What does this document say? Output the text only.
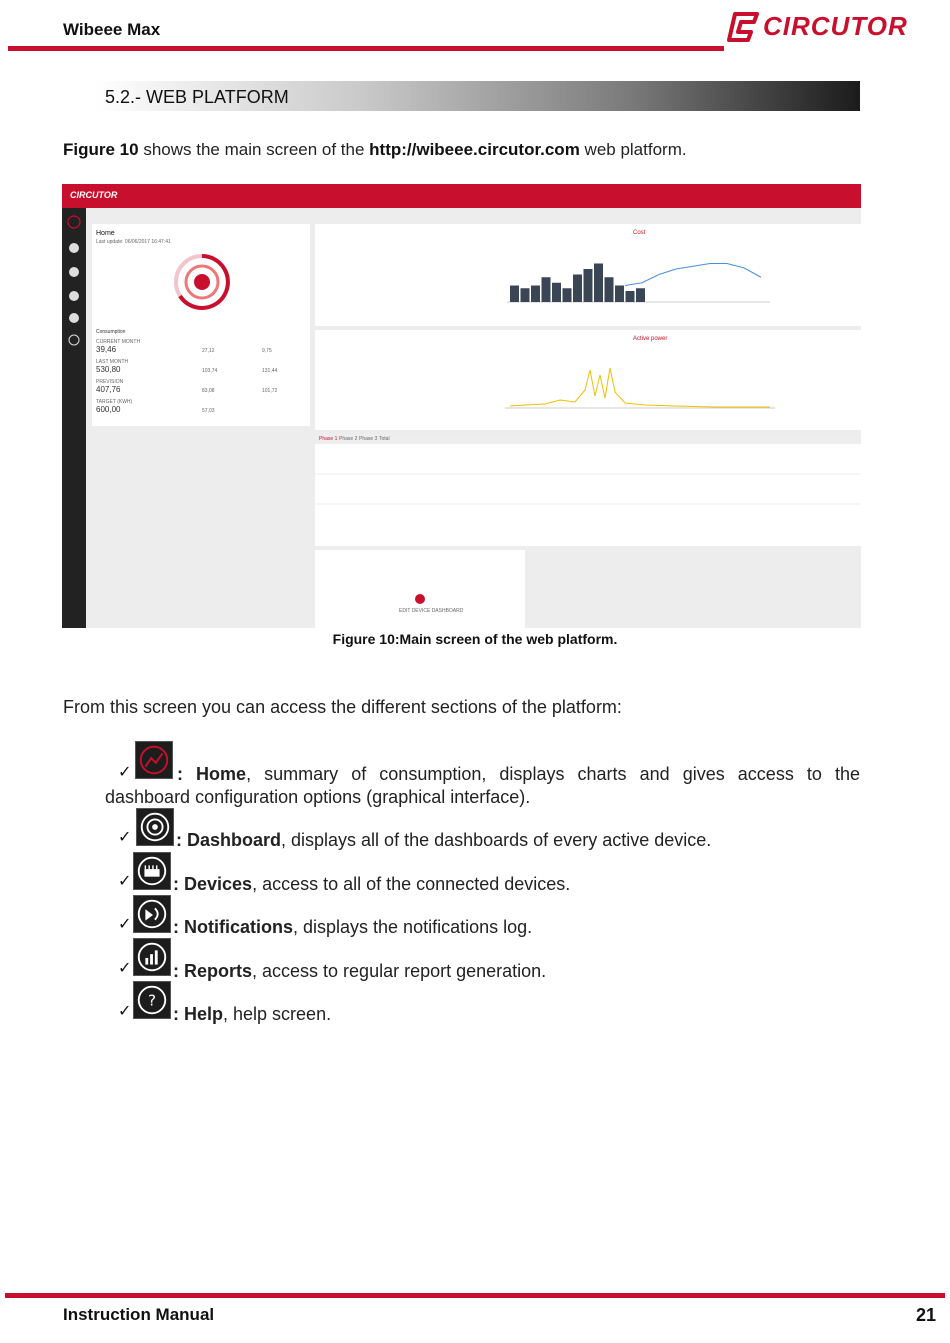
Wibeee Max	CIRCUTOR
5.2.- WEB PLATFORM
Figure 10 shows the main screen of the http://wibeee.circutor.com web platform.
CIRCUTOR
Home
Last update: 06/06/2017 16:47:41
Consumption
CURRENT MONTH
39,46	27,12	9,75
LAST MONTH
530,80	103,74	131,44
PREVISION
407,76	83,08	101,72
TARGET (KWH)
600,00	57,03
Cost
Active power
Phase 1 Phase 2 Phase 3 Total
EDIT DEVICE DASHBOARD
Figure 10:Main screen of the web platform.
From this screen you can access the different sections of the platform:
✓	: Home, summary of consumption, displays charts and gives access to the dashboard configuration options (graphical interface).
✓ : Dashboard, displays all of the dashboards of every active device.
✓ : Devices, access to all of the connected devices.
✓ : Notifications, displays the notifications log.
✓ : Reports, access to regular report generation.
✓
?
: Help, help screen.
Instruction Manual	21
